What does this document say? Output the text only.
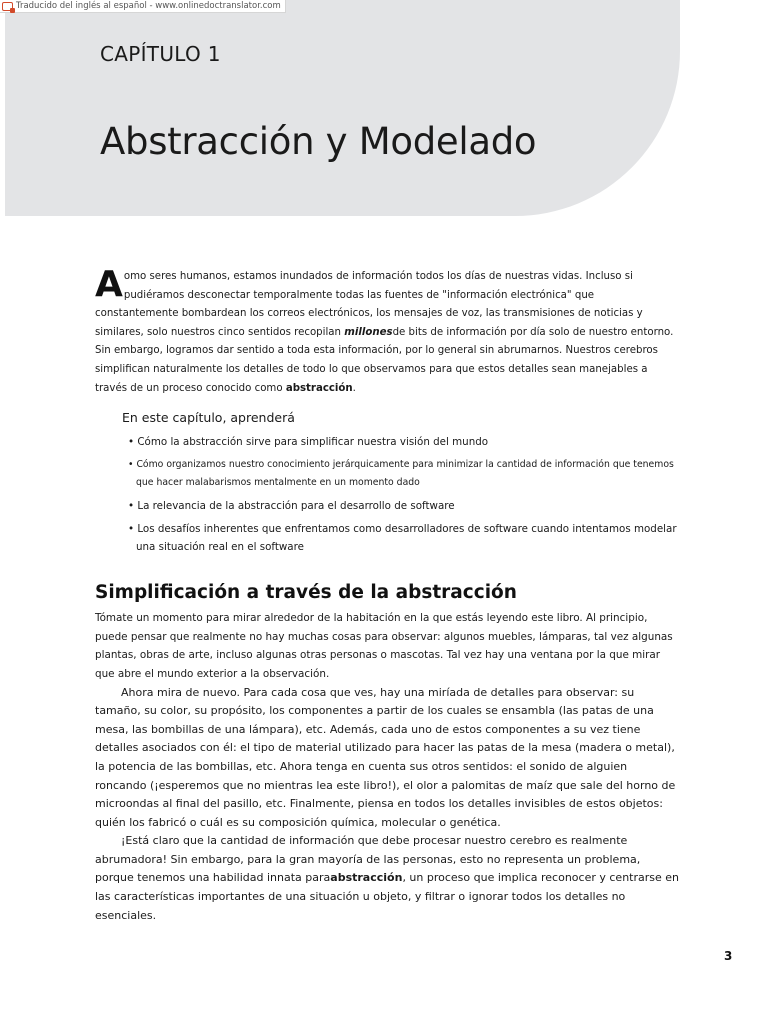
Traducido del inglés al español - www.onlinedoctranslator.com
CAPÍTULO 1
Abstracción y Modelado

Aomo seres humanos, estamos inundados de información todos los días de nuestras vidas. Incluso si pudiéramos desconectar temporalmente todas las fuentes de "información electrónica" que constantemente bombardean los correos electrónicos, los mensajes de voz, las transmisiones de noticias y similares, solo nuestros cinco sentidos recopilan millonesde bits de información por día solo de nuestro entorno. Sin embargo, logramos dar sentido a toda esta información, por lo general sin abrumarnos. Nuestros cerebros simplifican naturalmente los detalles de todo lo que observamos para que estos detalles sean manejables a través de un proceso conocido como abstracción.

En este capítulo, aprenderá

• Cómo la abstracción sirve para simplificar nuestra visión del mundo
• Cómo organizamos nuestro conocimiento jerárquicamente para minimizar la cantidad de información que tenemos que hacer malabarismos mentalmente en un momento dado
• La relevancia de la abstracción para el desarrollo de software
• Los desafíos inherentes que enfrentamos como desarrolladores de software cuando intentamos modelar una situación real en el software
Simplificación a través de la abstracción

Tómate un momento para mirar alrededor de la habitación en la que estás leyendo este libro. Al principio, puede pensar que realmente no hay muchas cosas para observar: algunos muebles, lámparas, tal vez algunas plantas, obras de arte, incluso algunas otras personas o mascotas. Tal vez hay una ventana por la que mirar que abre el mundo exterior a la observación.

Ahora mira de nuevo. Para cada cosa que ves, hay una miríada de detalles para observar: su tamaño, su color, su propósito, los componentes a partir de los cuales se ensambla (las patas de una mesa, las bombillas de una lámpara), etc. Además, cada uno de estos componentes a su vez tiene detalles asociados con él: el tipo de material utilizado para hacer las patas de la mesa (madera o metal), la potencia de las bombillas, etc. Ahora tenga en cuenta sus otros sentidos: el sonido de alguien roncando (¡esperemos que no mientras lea este libro!), el olor a palomitas de maíz que sale del horno de microondas al final del pasillo, etc. Finalmente, piensa en todos los detalles invisibles de estos objetos: quién los fabricó o cuál es su composición química, molecular o genética.

¡Está claro que la cantidad de información que debe procesar nuestro cerebro es realmente abrumadora! Sin embargo, para la gran mayoría de las personas, esto no representa un problema, porque tenemos una habilidad innata paraabstracción, un proceso que implica reconocer y centrarse en las características importantes de una situación u objeto, y filtrar o ignorar todos los detalles no esenciales.

3
